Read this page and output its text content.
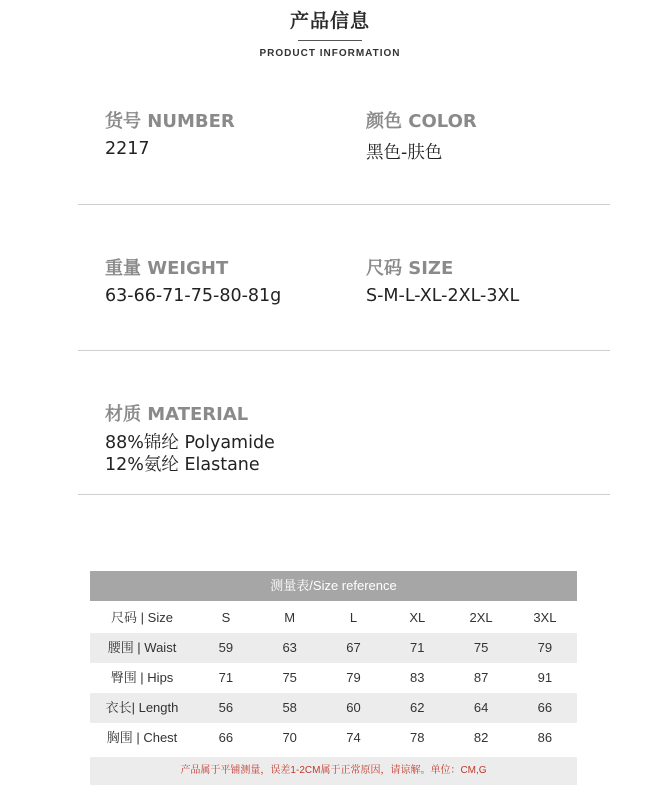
产品信息
PRODUCT INFORMATION
货号 NUMBER
2217
颜色 COLOR
黑色-肤色
重量 WEIGHT
63-66-71-75-80-81g
尺码 SIZE
S-M-L-XL-2XL-3XL
材质 MATERIAL
88%锦纶 Polyamide
12%氨纶 Elastane
测量表/Size reference
尺码 | Size	S	M	L	XL	2XL	3XL
腰围 | Waist	59	63	67	71	75	79
臀围 | Hips	71	75	79	83	87	91
衣长| Length	56	58	60	62	64	66
胸围 | Chest	66	70	74	78	82	86
产品属于平铺测量，误差1-2CM属于正常原因，请谅解。单位：CM,G
